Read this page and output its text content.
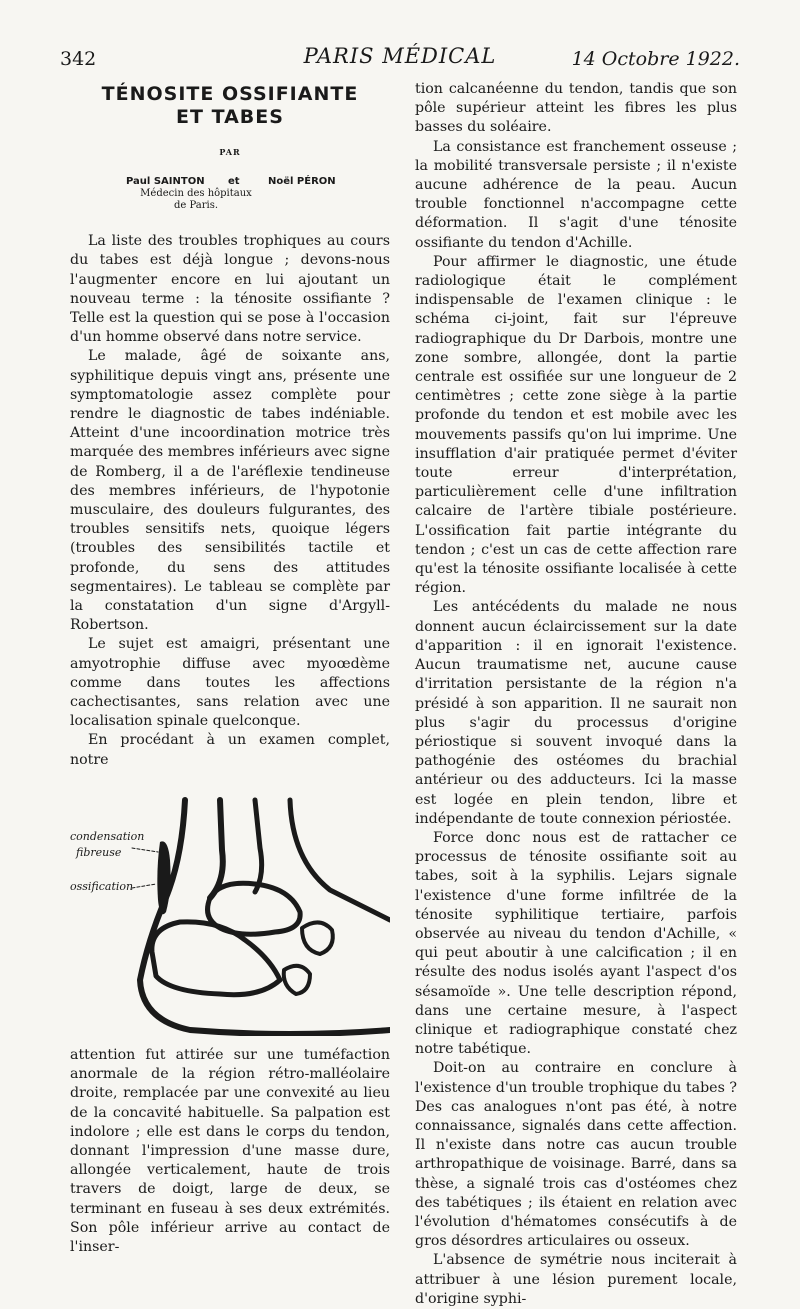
342	PARIS MÉDICAL	14 Octobre 1922.
TÉNOSITE OSSIFIANTE
ET TABES
PAR
Paul SAINTON et	Noël PÉRON
Médecin des hôpitaux
de Paris.

La liste des troubles trophiques au cours du tabes est déjà longue ; devons-nous l'augmenter encore en lui ajoutant un nouveau terme : la ténosite ossifiante ? Telle est la question qui se pose à l'occasion d'un homme observé dans notre service.

Le malade, âgé de soixante ans, syphilitique depuis vingt ans, présente une symptomatologie assez complète pour rendre le diagnostic de tabes indéniable. Atteint d'une incoordination motrice très marquée des membres inférieurs avec signe de Romberg, il a de l'aréflexie tendineuse des membres inférieurs, de l'hypotonie musculaire, des douleurs fulgurantes, des troubles sensitifs nets, quoique légers (troubles des sensibilités tactile et profonde, du sens des attitudes segmentaires). Le tableau se complète par la constatation d'un signe d'Argyll-Robertson.

Le sujet est amaigri, présentant une amyotrophie diffuse avec myoœdème comme dans toutes les affections cachectisantes, sans relation avec une localisation spinale quelconque.

En procédant à un examen complet, notre

condensation
fibreuse
ossification

attention fut attirée sur une tuméfaction anormale de la région rétro-malléolaire droite, remplacée par une convexité au lieu de la concavité habituelle. Sa palpation est indolore ; elle est dans le corps du tendon, donnant l'impression d'une masse dure, allongée verticalement, haute de trois travers de doigt, large de deux, se terminant en fuseau à ses deux extrémités. Son pôle inférieur arrive au contact de l'inser-

tion calcanéenne du tendon, tandis que son pôle supérieur atteint les fibres les plus basses du soléaire.

La consistance est franchement osseuse ; la mobilité transversale persiste ; il n'existe aucune adhérence de la peau. Aucun trouble fonctionnel n'accompagne cette déformation. Il s'agit d'une ténosite ossifiante du tendon d'Achille.

Pour affirmer le diagnostic, une étude radiologique était le complément indispensable de l'examen clinique : le schéma ci-joint, fait sur l'épreuve radiographique du Dr Darbois, montre une zone sombre, allongée, dont la partie centrale est ossifiée sur une longueur de 2 centimètres ; cette zone siège à la partie profonde du tendon et est mobile avec les mouvements passifs qu'on lui imprime. Une insufflation d'air pratiquée permet d'éviter toute erreur d'interprétation, particulièrement celle d'une infiltration calcaire de l'artère tibiale postérieure. L'ossification fait partie intégrante du tendon ; c'est un cas de cette affection rare qu'est la ténosite ossifiante localisée à cette région.

Les antécédents du malade ne nous donnent aucun éclaircissement sur la date d'apparition : il en ignorait l'existence. Aucun traumatisme net, aucune cause d'irritation persistante de la région n'a présidé à son apparition. Il ne saurait non plus s'agir du processus d'origine périostique si souvent invoqué dans la pathogénie des ostéomes du brachial antérieur ou des adducteurs. Ici la masse est logée en plein tendon, libre et indépendante de toute connexion périostée.

Force donc nous est de rattacher ce processus de ténosite ossifiante soit au tabes, soit à la syphilis. Lejars signale l'existence d'une forme infiltrée de la ténosite syphilitique tertiaire, parfois observée au niveau du tendon d'Achille, « qui peut aboutir à une calcification ; il en résulte des nodus isolés ayant l'aspect d'os sésamoïde ». Une telle description répond, dans une certaine mesure, à l'aspect clinique et radiographique constaté chez notre tabétique.

Doit-on au contraire en conclure à l'existence d'un trouble trophique du tabes ? Des cas analogues n'ont pas été, à notre connaissance, signalés dans cette affection. Il n'existe dans notre cas aucun trouble arthropathique de voisinage. Barré, dans sa thèse, a signalé trois cas d'ostéomes chez des tabétiques ; ils étaient en relation avec l'évolution d'hématomes consécutifs à de gros désordres articulaires ou osseux.

L'absence de symétrie nous inciterait à attribuer à une lésion purement locale, d'origine syphi-
